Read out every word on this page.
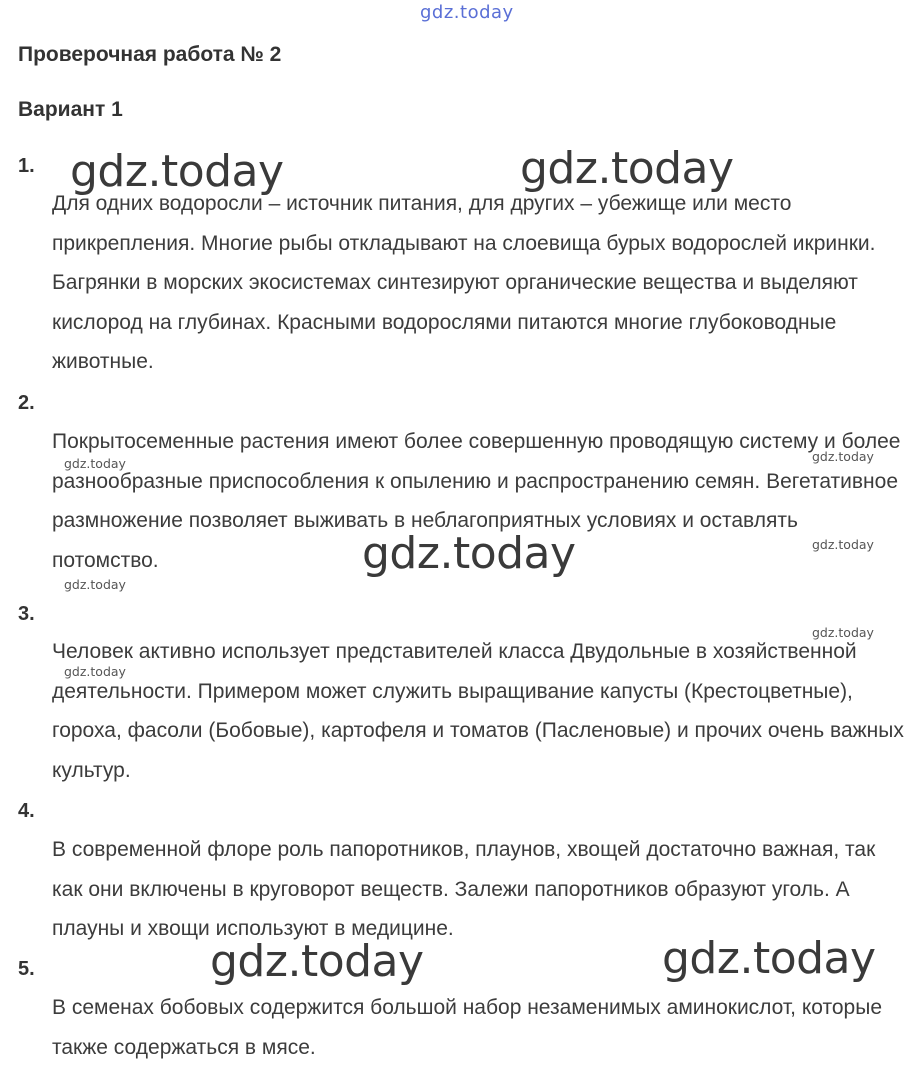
gdz.today
Проверочная работа № 2
Вариант 1
1.
Для одних водоросли – источник питания, для других – убежище или место прикрепления. Многие рыбы откладывают на слоевища бурых водорослей икринки. Багрянки в морских экосистемах синтезируют органические вещества и выделяют кислород на глубинах. Красными водорослями питаются многие глубоководные животные.
2.
Покрытосеменные растения имеют более совершенную проводящую систему и более разнообразные приспособления к опылению и распространению семян. Вегетативное размножение позволяет выживать в неблагоприятных условиях и оставлять потомство.
3.
Человек активно использует представителей класса Двудольные в хозяйственной деятельности. Примером может служить выращивание капусты (Крестоцветные), гороха, фасоли (Бобовые), картофеля и томатов (Пасленовые) и прочих очень важных культур.
4.
В современной флоре роль папоротников, плаунов, хвощей достаточно важная, так как они включены в круговорот веществ. Залежи папоротников образуют уголь. А плауны и хвощи используют в медицине.
5.
В семенах бобовых содержится большой набор незаменимых аминокислот, которые также содержаться в мясе.
gdz.today	gdz.today
gdz.today
gdz.today	gdz.today
gdz.today	gdz.today
gdz.today
gdz.today
gdz.today
gdz.today
